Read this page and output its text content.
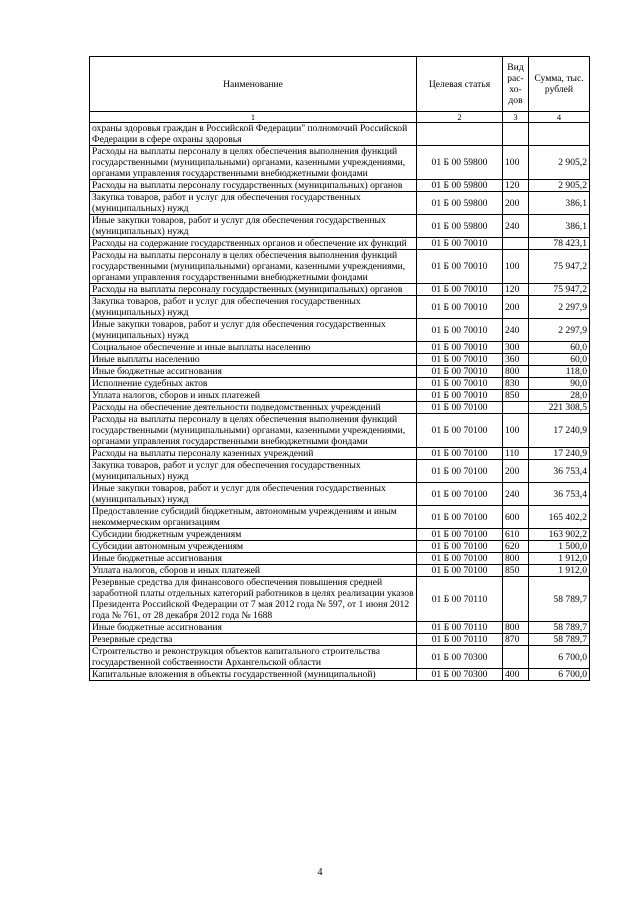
Наименование	Целевая статья	Вид рас- хо- дов	Сумма, тыс. рублей
1	2	3	4
охраны здоровья граждан в Российской Федерации" полномочий Российской Федерации в сфере охраны здоровья			
Расходы на выплаты персоналу в целях обеспечения выполнения функций государственными (муниципальными) органами, казенными учреждениями, органами управления государственными внебюджетными фондами	01 Б 00 59800	100	2 905,2
Расходы на выплаты персоналу государственных (муниципальных) органов	01 Б 00 59800	120	2 905,2
Закупка товаров, работ и услуг для обеспечения государственных (муниципальных) нужд	01 Б 00 59800	200	386,1
Иные закупки товаров, работ и услуг для обеспечения государственных (муниципальных) нужд	01 Б 00 59800	240	386,1
Расходы на содержание государственных органов и обеспечение их функций	01 Б 00 70010		78 423,1
Расходы на выплаты персоналу в целях обеспечения выполнения функций государственными (муниципальными) органами, казенными учреждениями, органами управления государственными внебюджетными фондами	01 Б 00 70010	100	75 947,2
Расходы на выплаты персоналу государственных (муниципальных) органов	01 Б 00 70010	120	75 947,2
Закупка товаров, работ и услуг для обеспечения государственных (муниципальных) нужд	01 Б 00 70010	200	2 297,9
Иные закупки товаров, работ и услуг для обеспечения государственных (муниципальных) нужд	01 Б 00 70010	240	2 297,9
Социальное обеспечение и иные выплаты населению	01 Б 00 70010	300	60,0
Иные выплаты населению	01 Б 00 70010	360	60,0
Иные бюджетные ассигнования	01 Б 00 70010	800	118,0
Исполнение судебных актов	01 Б 00 70010	830	90,0
Уплата налогов, сборов и иных платежей	01 Б 00 70010	850	28,0
Расходы на обеспечение деятельности подведомственных учреждений	01 Б 00 70100		221 308,5
Расходы на выплаты персоналу в целях обеспечения выполнения функций государственными (муниципальными) органами, казенными учреждениями, органами управления государственными внебюджетными фондами	01 Б 00 70100	100	17 240,9
Расходы на выплаты персоналу казенных учреждений	01 Б 00 70100	110	17 240,9
Закупка товаров, работ и услуг для обеспечения государственных (муниципальных) нужд	01 Б 00 70100	200	36 753,4
Иные закупки товаров, работ и услуг для обеспечения государственных (муниципальных) нужд	01 Б 00 70100	240	36 753,4
Предоставление субсидий бюджетным, автономным учреждениям и иным некоммерческим организациям	01 Б 00 70100	600	165 402,2
Субсидии бюджетным учреждениям	01 Б 00 70100	610	163 902,2
Субсидии автономным учреждениям	01 Б 00 70100	620	1 500,0
Иные бюджетные ассигнования	01 Б 00 70100	800	1 912,0
Уплата налогов, сборов и иных платежей	01 Б 00 70100	850	1 912,0
Резервные средства для финансового обеспечения повышения средней заработной платы отдельных категорий работников в целях реализации указов Президента Российской Федерации от 7 мая 2012 года № 597, от 1 июня 2012 года № 761, от 28 декабря 2012 года № 1688	01 Б 00 70110		58 789,7
Иные бюджетные ассигнования	01 Б 00 70110	800	58 789,7
Резервные средства	01 Б 00 70110	870	58 789,7
Строительство и реконструкция объектов капитального строительства государственной собственности Архангельской области	01 Б 00 70300		6 700,0
Капитальные вложения в объекты государственной (муниципальной)	01 Б 00 70300	400	6 700,0
4
